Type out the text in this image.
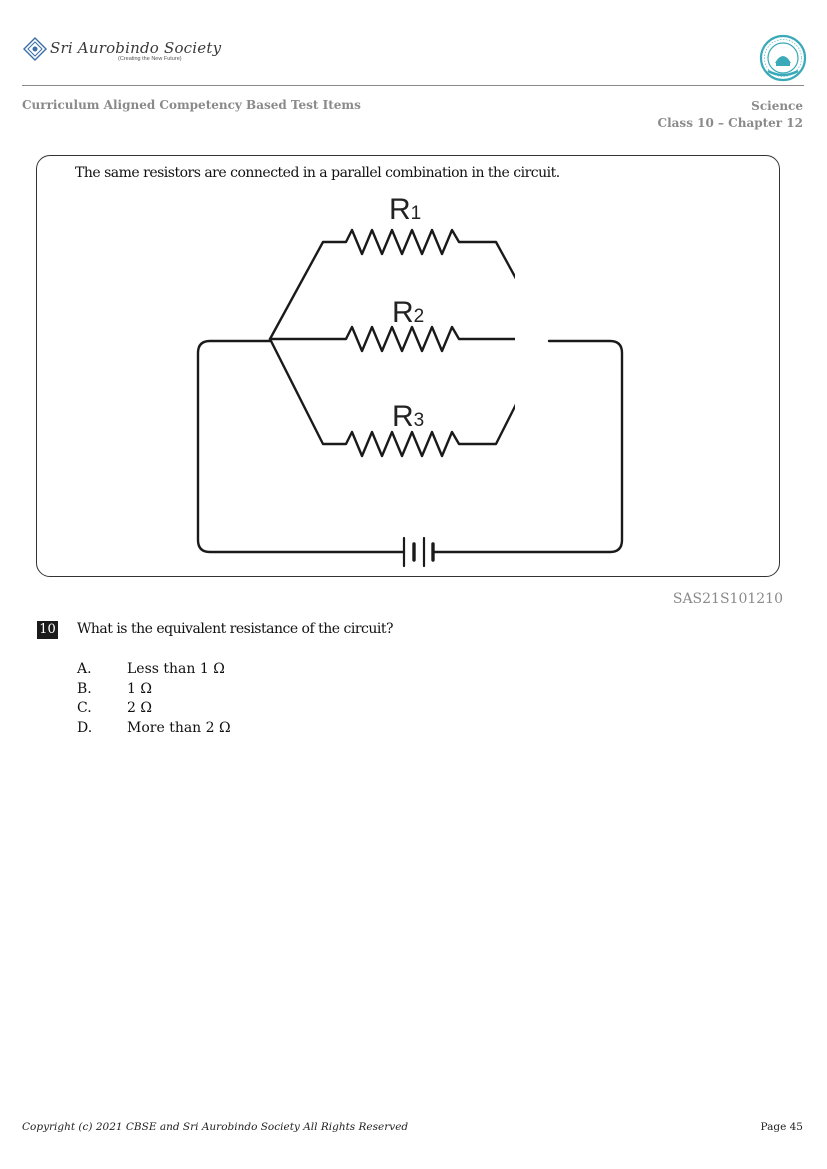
Sri Aurobindo Society
(Creating the New Future)
Curriculum Aligned Competency Based Test Items	Science
Class 10 – Chapter 12
The same resistors are connected in a parallel combination in the circuit.
R1
R2
R3
SAS21S101210
10 What is the equivalent resistance of the circuit?
A.	Less than 1 Ω
B.	1 Ω
C.	2 Ω
D. More than 2 Ω
Copyright (c) 2021 CBSE and Sri Aurobindo Society All Rights Reserved	Page 45
